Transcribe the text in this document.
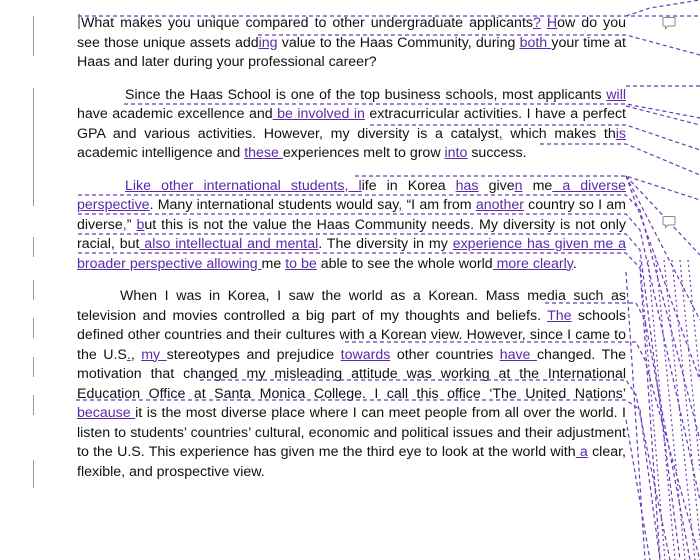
What makes you unique compared to other undergraduate applicants? How do you see those unique assets adding value to the Haas Community, during both your time at Haas and later during your professional career?

Since the Haas School is one of the top business schools, most applicants will have academic excellence and be involved in extracurricular activities. I have a perfect GPA and various activities. However, my diversity is a catalyst, which makes this academic intelligence and these experiences melt to grow into success.

Like other international students, life in Korea has given me a diverse perspective. Many international students would say, “I am from another country so I am diverse,” but this is not the value the Haas Community needs. My diversity is not only racial, but also intellectual and mental. The diversity in my experience has given me a broader perspective allowing me to be able to see the whole world more clearly.

When I was in Korea, I saw the world as a Korean. Mass media such as television and movies controlled a big part of my thoughts and beliefs. The schools defined other countries and their cultures with a Korean view. However, since I came to the U.S., my stereotypes and prejudice towards other countries have changed. The motivation that changed my misleading attitude was working at the International Education Office at Santa Monica College. I call this office ‘The United Nations’ because it is the most diverse place where I can meet people from all over the world. I listen to students’ countries’ cultural, economic and political issues and their adjustment to the U.S. This experience has given me the third eye to look at the world with a clear, flexible, and prospective view.
